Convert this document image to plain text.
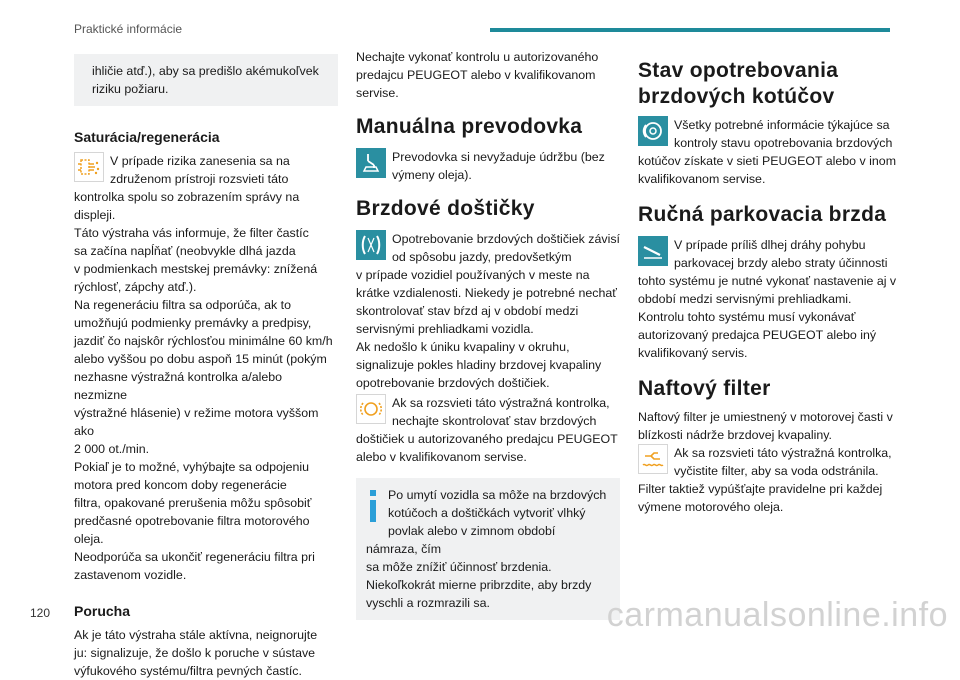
Praktické informácie

ihličie atď.), aby sa predišlo akémukoľvek riziku požiaru.

Saturácia/regenerácia
V prípade rizika zanesenia sa na
združenom prístroji rozsvieti táto
kontrolka spolu so zobrazením správy na
displeji.
Táto výstraha vás informuje, že filter častíc
sa začína napĺňať (neobvykle dlhá jazda
v podmienkach mestskej premávky: znížená
rýchlosť, zápchy atď.).
Na regeneráciu filtra sa odporúča, ak to
umožňujú podmienky premávky a predpisy,
jazdiť čo najskôr rýchlosťou minimálne 60 km/h
alebo vyššou po dobu aspoň 15 minút (pokým
nezhasne výstražná kontrolka a/alebo nezmizne
výstražné hlásenie) v režime motora vyššom ako
2 000 ot./min.
Pokiaľ je to možné, vyhýbajte sa odpojeniu
motora pred koncom doby regenerácie
filtra, opakované prerušenia môžu spôsobiť
predčasné opotrebovanie filtra motorového oleja.
Neodporúča sa ukončiť regeneráciu filtra pri
zastavenom vozidle.
Porucha
Ak je táto výstraha stále aktívna, neignorujte
ju: signalizuje, že došlo k poruche v sústave
výfukového systému/filtra pevných častíc.
Nechajte vykonať kontrolu u autorizovaného
predajcu PEUGEOT alebo v kvalifikovanom
servise.
Manuálna prevodovka
Prevodovka si nevyžaduje údržbu (bez
výmeny oleja).
Brzdové doštičky
Opotrebovanie brzdových doštičiek závisí
od spôsobu jazdy, predovšetkým
v prípade vozidiel používaných v meste na
krátke vzdialenosti. Niekedy je potrebné nechať
skontrolovať stav bŕzd aj v období medzi
servisnými prehliadkami vozidla.
Ak nedošlo k úniku kvapaliny v okruhu,
signalizuje pokles hladiny brzdovej kvapaliny
opotrebovanie brzdových doštičiek.
Ak sa rozsvieti táto výstražná kontrolka,
nechajte skontrolovať stav brzdových
doštičiek u autorizovaného predajcu PEUGEOT
alebo v kvalifikovanom servise.
Po umytí vozidla sa môže na brzdových
kotúčoch a doštičkách vytvoriť vlhký
povlak alebo v zimnom období námraza, čím
sa môže znížiť účinnosť brzdenia.
Niekoľkokrát mierne pribrzdite, aby brzdy
vyschli a rozmrazili sa.
Stav opotrebovania
brzdových kotúčov
Všetky potrebné informácie týkajúce sa
kontroly stavu opotrebovania brzdových
kotúčov získate v sieti PEUGEOT alebo v inom
kvalifikovanom servise.
Ručná parkovacia brzda
V prípade príliš dlhej dráhy pohybu
parkovacej brzdy alebo straty účinnosti
tohto systému je nutné vykonať nastavenie aj v
období medzi servisnými prehliadkami.
Kontrolu tohto systému musí vykonávať
autorizovaný predajca PEUGEOT alebo iný
kvalifikovaný servis.
Naftový filter
Naftový filter je umiestnený v motorovej časti v
blízkosti nádrže brzdovej kvapaliny.
Ak sa rozsvieti táto výstražná kontrolka,
vyčistite filter, aby sa voda odstránila.
Filter taktiež vypúšťajte pravidelne pri každej
výmene motorového oleja.
120	carmanualsonline.info
